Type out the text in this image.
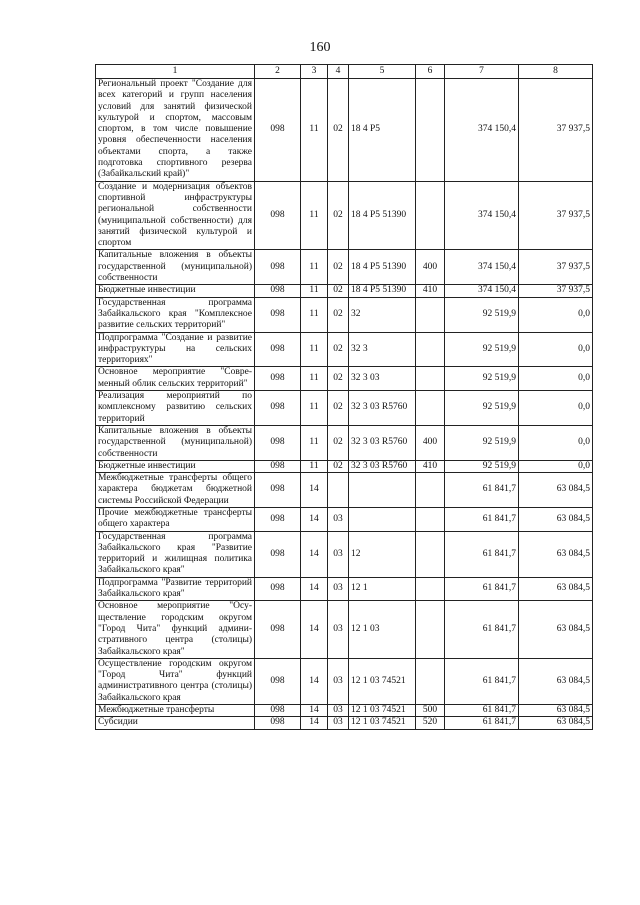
160
1	2	3	4	5	6	7	8
Региональный проект "Создание для всех категорий и групп населения условий для занятий физической культурой и спортом, массовым спортом, в том числе повышение уровня обеспеченности населения объектами спорта, а также подготовка спортивного резерва (Забайкальский край)"	098	11	02	18 4 P5		374 150,4	37 937,5
Создание и модернизация объектов спортивной инфраструктуры региональной собственности (муниципальной собственности) для занятий физической культурой и спортом	098	11	02	18 4 P5 51390		374 150,4	37 937,5
Капитальные вложения в объекты государственной (муниципальной) собственности	098	11	02	18 4 P5 51390	400	374 150,4	37 937,5
Бюджетные инвестиции	098	11	02	18 4 P5 51390	410	374 150,4	37 937,5
Государственная программа Забайкальского края "Комплексное развитие сельских территорий"	098	11	02	32		92 519,9	0,0
Подпрограмма "Создание и развитие инфраструктуры на сельских территориях"	098	11	02	32 3		92 519,9	0,0
Основное мероприятие "Современный облик сельских территорий"	098	11	02	32 3 03		92 519,9	0,0
Реализация мероприятий по комплексному развитию сельских территорий	098	11	02	32 3 03 R5760		92 519,9	0,0
Капитальные вложения в объекты государственной (муниципальной) собственности	098	11	02	32 3 03 R5760	400	92 519,9	0,0
Бюджетные инвестиции	098	11	02	32 3 03 R5760	410	92 519,9	0,0
Межбюджетные трансферты общего характера бюджетам бюджетной системы Российской Федерации	098	14				61 841,7	63 084,5
Прочие межбюджетные трансферты общего характера	098	14	03			61 841,7	63 084,5
Государственная программа Забайкальского края "Развитие территорий и жилищная политика Забайкальского края"	098	14	03	12		61 841,7	63 084,5
Подпрограмма "Развитие территорий Забайкальского края"	098	14	03	12 1		61 841,7	63 084,5
Основное мероприятие "Осуществление городским округом "Город Чита" функций административного центра (столицы) Забайкальского края"	098	14	03	12 1 03		61 841,7	63 084,5
Осуществление городским округом "Город Чита" функций административного центра (столицы) Забайкальского края	098	14	03	12 1 03 74521		61 841,7	63 084,5
Межбюджетные трансферты	098	14	03	12 1 03 74521	500	61 841,7	63 084,5
Субсидии	098	14	03	12 1 03 74521	520	61 841,7	63 084,5
